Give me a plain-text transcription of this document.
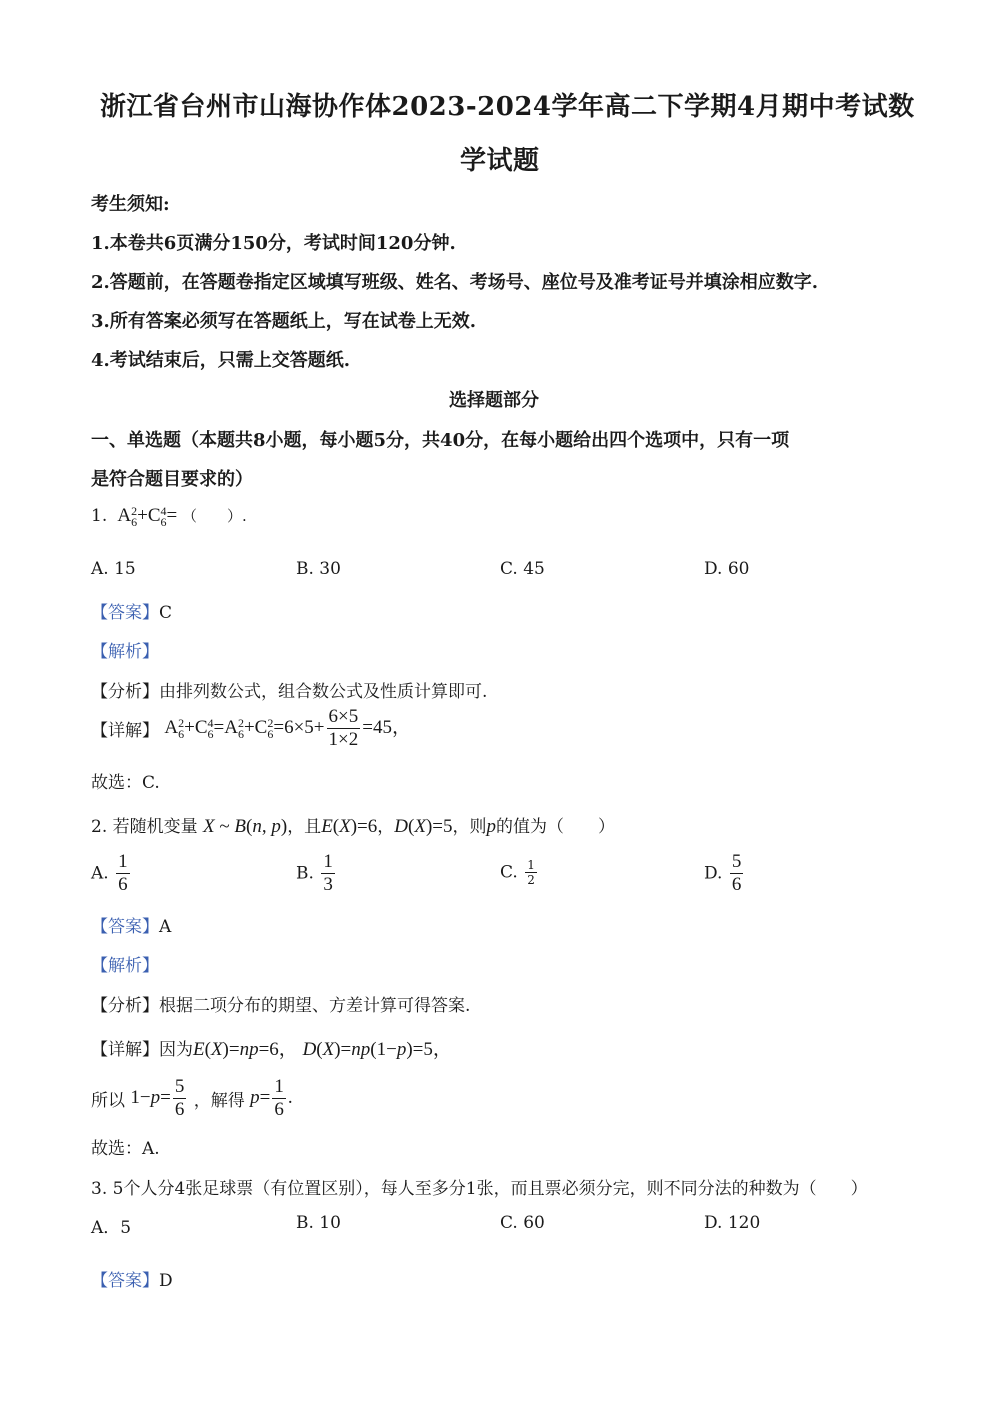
浙江省台州市山海协作体2023-2024学年高二下学期4月期中考试数
学试题
考生须知:
1.本卷共6页满分150分，考试时间120分钟.
2.答题前，在答题卷指定区域填写班级、姓名、考场号、座位号及准考证号并填涂相应数字.
3.所有答案必须写在答题纸上，写在试卷上无效.
4.考试结束后，只需上交答题纸.
选择题部分
一、单选题（本题共8小题，每小题5分，共40分，在每小题给出四个选项中，只有一项
是符合题目要求的）
1.  A 2
6 +C 4
6 = （　　）.
A. 15	B. 30	C. 45	D. 60
【答案】C
【解析】
【分析】由排列数公式，组合数公式及性质计算即可.
【详解】 A 2
6 +C 4
6 =A 2
6 +C 2
$6 =6\times 5+ \frac{6\times 5}{1\times 2} =45$，
故选：C.
2. 若随机变量 X ~ B(n, p)，且E(X)=6，D(X)=5，则p的值为（　　）
A. $\frac{1}{6}$	B. $\frac{1}{3}$	C. $\frac{1}{2}$	D. $\frac{5}{6}$
【答案】A
【解析】
【分析】根据二项分布的期望、方差计算可得答案.
【详解】因为E(X)=np=6， D(X)=np(1−p)=5，
所以 $1-p= \frac{5}{6}$ ，解得 $p= \frac{1}{6}$ .
故选：A.
3. 5个人分4张足球票（有位置区别），每人至多分1张，而且票必须分完，则不同分法的种数为（　　）
A．5	B. 10	C. 60	D. 120
【答案】D
